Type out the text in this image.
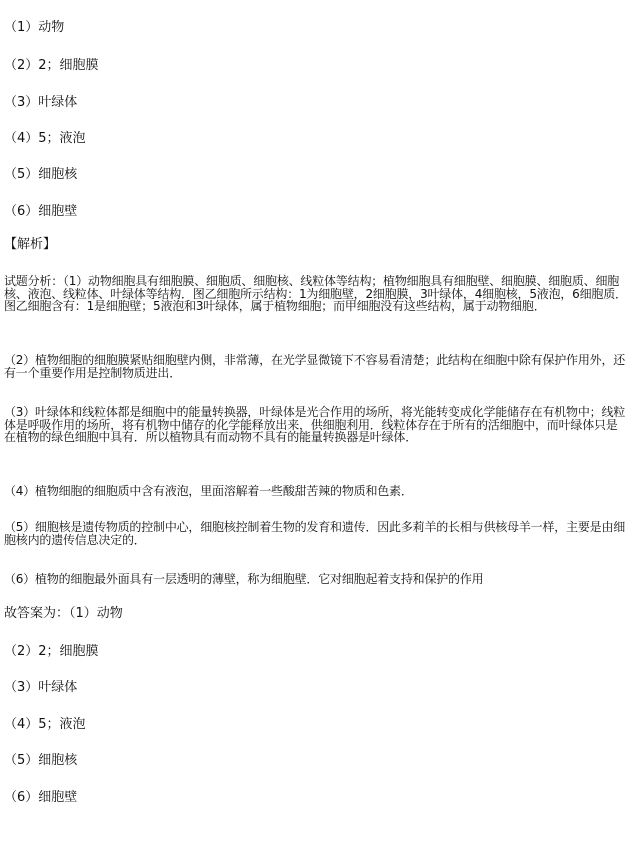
（1）动物
（2）2；细胞膜
（3）叶绿体
（4）5；液泡
（5）细胞核
（6）细胞壁
【解析】
试题分析：（1）动物细胞具有细胞膜、细胞质、细胞核、线粒体等结构；植物细胞具有细胞壁、细胞膜、细胞质、细胞核、液泡、线粒体、叶绿体等结构．图乙细胞所示结构：1为细胞壁，2细胞膜，3叶绿体，4细胞核，5液泡，6细胞质．图乙细胞含有：1是细胞壁；5液泡和3叶绿体，属于植物细胞；而甲细胞没有这些结构，属于动物细胞．
（2）植物细胞的细胞膜紧贴细胞壁内侧，非常薄，在光学显微镜下不容易看清楚；此结构在细胞中除有保护作用外，还有一个重要作用是控制物质进出．
（3）叶绿体和线粒体都是细胞中的能量转换器，叶绿体是光合作用的场所，将光能转变成化学能储存在有机物中；线粒体是呼吸作用的场所，将有机物中储存的化学能释放出来，供细胞利用．线粒体存在于所有的活细胞中，而叶绿体只是在植物的绿色细胞中具有．所以植物具有而动物不具有的能量转换器是叶绿体．
（4）植物细胞的细胞质中含有液泡，里面溶解着一些酸甜苦辣的物质和色素．
（5）细胞核是遗传物质的控制中心，细胞核控制着生物的发育和遗传．因此多莉羊的长相与供核母羊一样，主要是由细胞核内的遗传信息决定的．
（6）植物的细胞最外面具有一层透明的薄壁，称为细胞壁．它对细胞起着支持和保护的作用
故答案为：（1）动物
（2）2；细胞膜
（3）叶绿体
（4）5；液泡
（5）细胞核
（6）细胞壁
